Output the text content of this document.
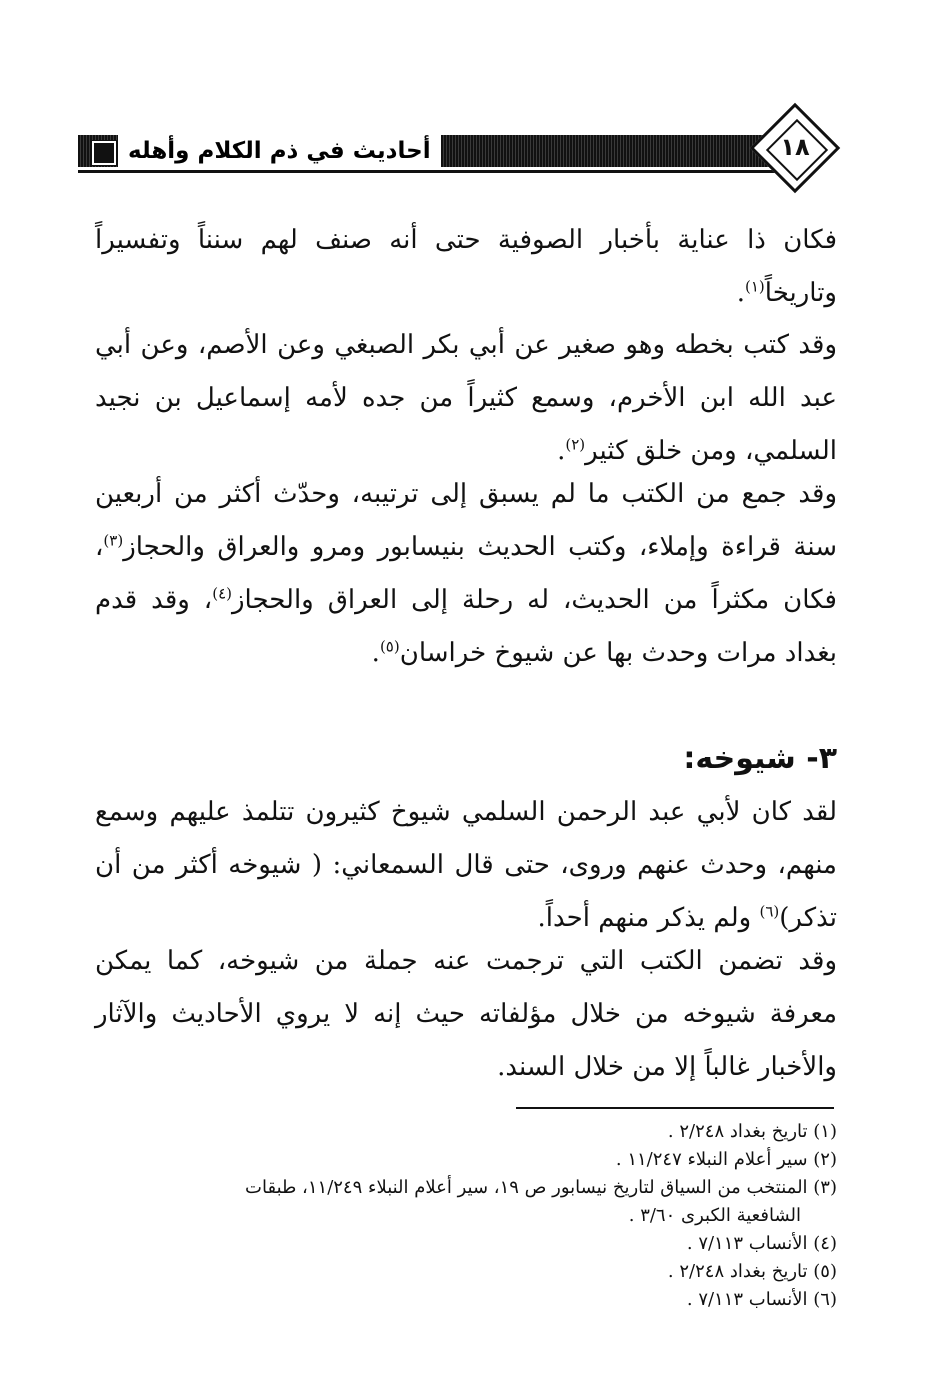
أحاديث في ذم الكلام وأهله	١٨
فكان ذا عناية بأخبار الصوفية حتى أنه صنف لهم سنناً وتفسيراً وتاريخاً$^{(١)}$.
وقد كتب بخطه وهو صغير عن أبي بكر الصبغي وعن الأصم، وعن أبي عبد الله ابن الأخرم، وسمع كثيراً من جده لأمه إسماعيل بن نجيد السلمي، ومن خلق كثير$^{(٢)}$.
وقد جمع من الكتب ما لم يسبق إلى ترتيبه، وحدّث أكثر من أربعين سنة قراءة وإملاء، وكتب الحديث بنيسابور ومرو والعراق والحجاز$^{(٣)}$، فكان مكثراً من الحديث، له رحلة إلى العراق والحجاز$^{(٤)}$، وقد قدم بغداد مرات وحدث بها عن شيوخ خراسان$^{(٥)}$.
٣- شيوخه:
لقد كان لأبي عبد الرحمن السلمي شيوخ كثيرون تتلمذ عليهم وسمع منهم، وحدث عنهم وروى، حتى قال السمعاني: ( شيوخه أكثر من أن تذكر)$^{(٦)}$ ولم يذكر منهم أحداً.
وقد تضمن الكتب التي ترجمت عنه جملة من شيوخه، كما يمكن معرفة شيوخه من خلال مؤلفاته حيث إنه لا يروي الأحاديث والآثار والأخبار غالباً إلا من خلال السند.
(١) تاريخ بغداد ٢/٢٤٨ .
(٢) سير أعلام النبلاء ١١/٢٤٧ .
(٣) المنتخب من السياق لتاريخ نيسابور ص ١٩، سير أعلام النبلاء ١١/٢٤٩، طبقات
الشافعية الكبرى ٣/٦٠ .
(٤) الأنساب ٧/١١٣ .
(٥) تاريخ بغداد ٢/٢٤٨ .
(٦) الأنساب ٧/١١٣ .
